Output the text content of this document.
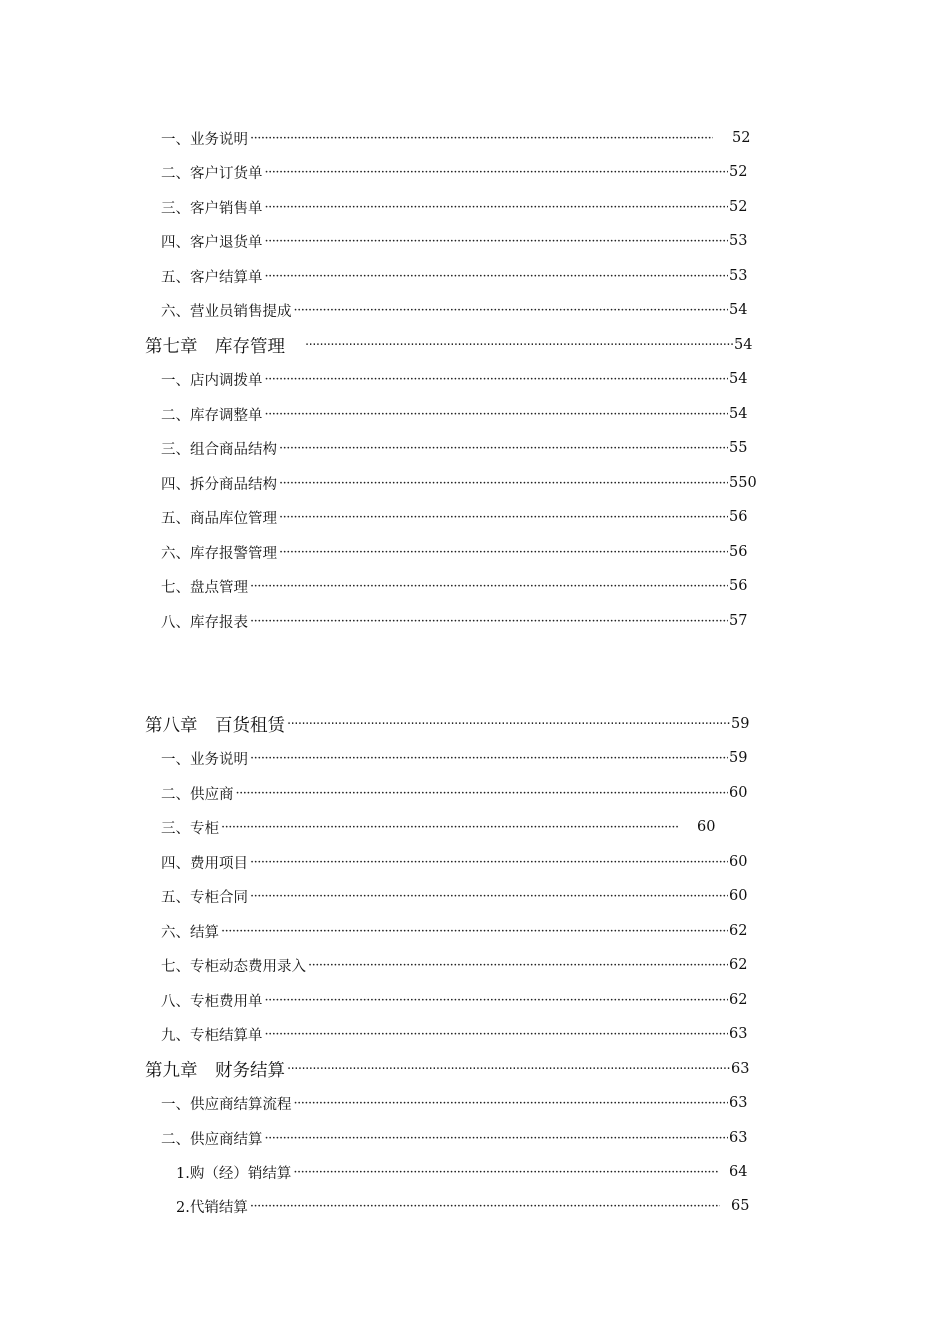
一、业务说明 ·····	52
二、客户订货单 ·····	52
三、客户销售单 ·····	52
四、客户退货单 ·····	53
五、客户结算单 ·····	53
六、营业员销售提成 ·····	54
第七章　库存管理 ·····	54
一、店内调拨单 ·····	54
二、库存调整单 ·····	54
三、组合商品结构 ·····	55
四、拆分商品结构 ·····	550
五、商品库位管理 ·····	56
六、库存报警管理 ·····	56
七、盘点管理 ·····	56
八、库存报表 ·····	57
第八章　百货租赁 ·····	59
一、业务说明 ·····	59
二、供应商 ·····	60
三、专柜 ·····	60
四、费用项目 ·····	60
五、专柜合同 ·····	60
六、结算 ·····	62
七、专柜动态费用录入 ·····	62
八、专柜费用单 ·····	62
九、专柜结算单 ·····	63
第九章　财务结算 ·····	63
一、供应商结算流程 ·····	63
二、供应商结算 ·····	63
1.购（经）销结算 ·····	64
2.代销结算 ·····	65
